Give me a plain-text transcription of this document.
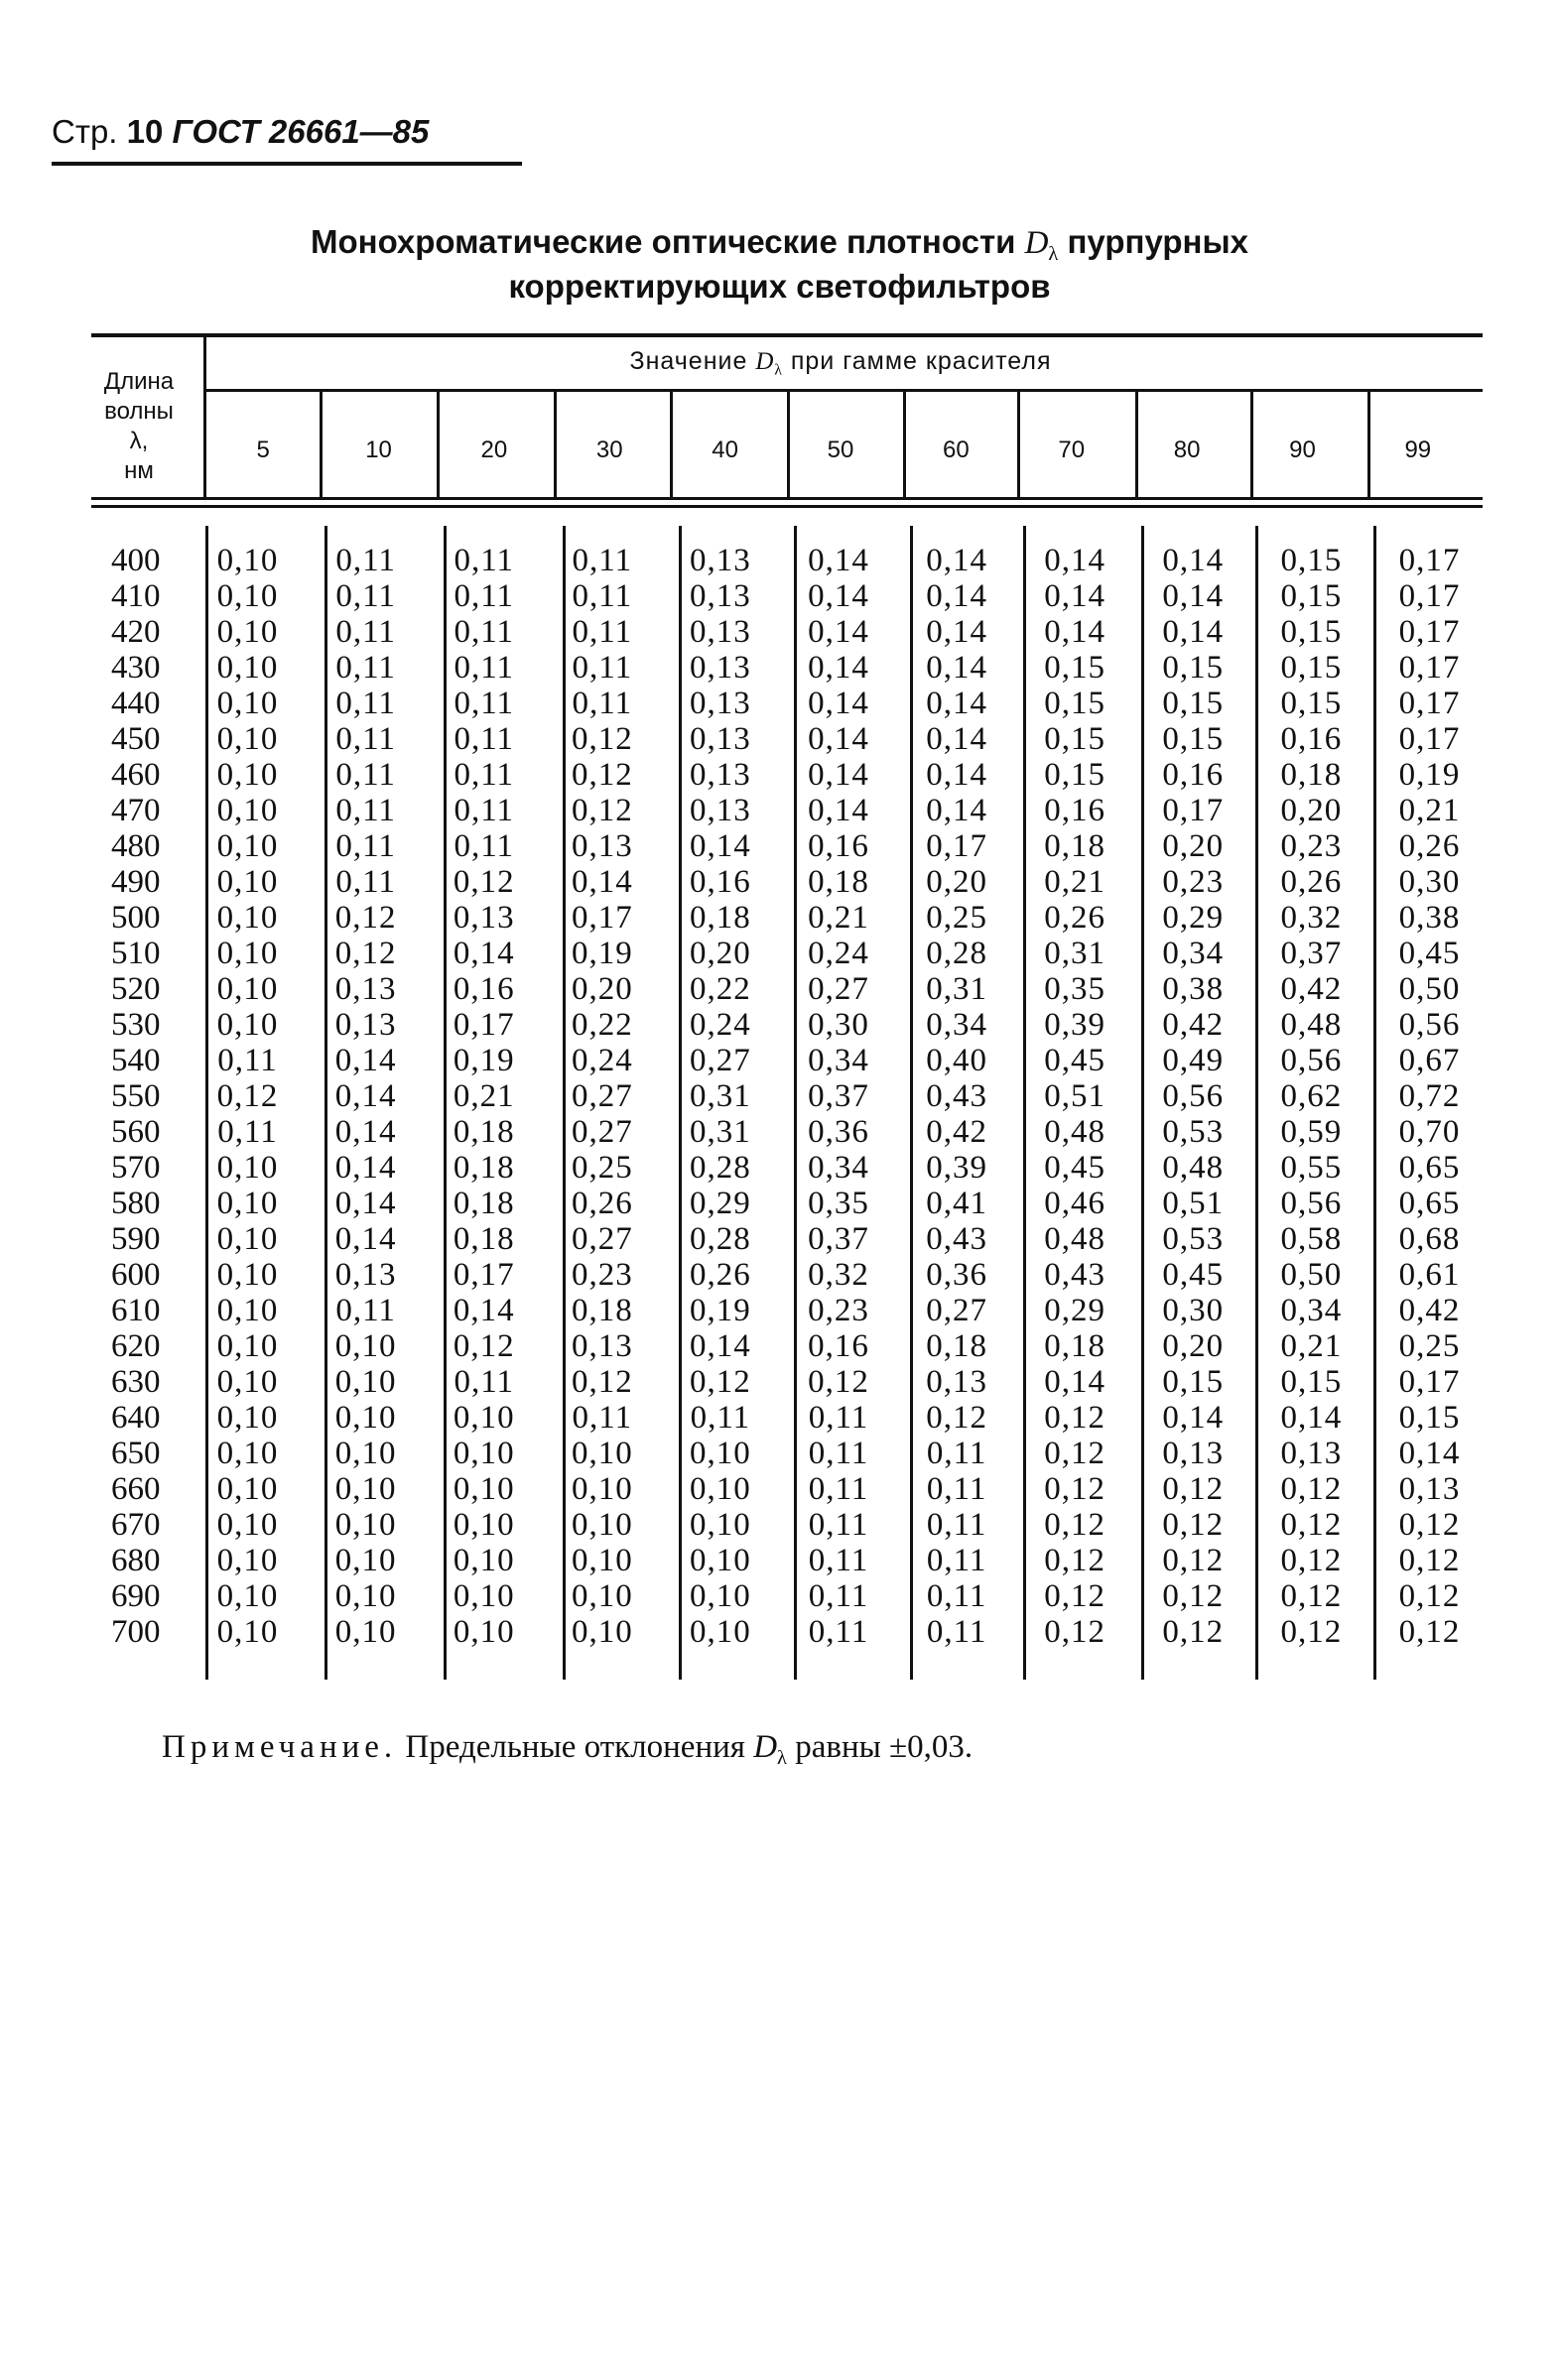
Стр. 10 ГОСТ 26661—85
Монохроматические оптические плотности $D_\lambda$ пурпурных
корректирующих светофильтров
Длина
волны
λ,
нм
Значение $D_\lambda$ при гамме красителя
5	10	20	30	40	50	60	70	80	90	99
400	0,10	0,11	0,11	0,11	0,13	0,14	0,14	0,14	0,14	0,15	0,17
410	0,10	0,11	0,11	0,11	0,13	0,14	0,14	0,14	0,14	0,15	0,17
420	0,10	0,11	0,11	0,11	0,13	0,14	0,14	0,14	0,14	0,15	0,17
430	0,10	0,11	0,11	0,11	0,13	0,14	0,14	0,15	0,15	0,15	0,17
440	0,10	0,11	0,11	0,11	0,13	0,14	0,14	0,15	0,15	0,15	0,17
450	0,10	0,11	0,11	0,12	0,13	0,14	0,14	0,15	0,15	0,16	0,17
460	0,10	0,11	0,11	0,12	0,13	0,14	0,14	0,15	0,16	0,18	0,19
470	0,10	0,11	0,11	0,12	0,13	0,14	0,14	0,16	0,17	0,20	0,21
480	0,10	0,11	0,11	0,13	0,14	0,16	0,17	0,18	0,20	0,23	0,26
490	0,10	0,11	0,12	0,14	0,16	0,18	0,20	0,21	0,23	0,26	0,30
500	0,10	0,12	0,13	0,17	0,18	0,21	0,25	0,26	0,29	0,32	0,38
510	0,10	0,12	0,14	0,19	0,20	0,24	0,28	0,31	0,34	0,37	0,45
520	0,10	0,13	0,16	0,20	0,22	0,27	0,31	0,35	0,38	0,42	0,50
530	0,10	0,13	0,17	0,22	0,24	0,30	0,34	0,39	0,42	0,48	0,56
540	0,11	0,14	0,19	0,24	0,27	0,34	0,40	0,45	0,49	0,56	0,67
550	0,12	0,14	0,21	0,27	0,31	0,37	0,43	0,51	0,56	0,62	0,72
560	0,11	0,14	0,18	0,27	0,31	0,36	0,42	0,48	0,53	0,59	0,70
570	0,10	0,14	0,18	0,25	0,28	0,34	0,39	0,45	0,48	0,55	0,65
580	0,10	0,14	0,18	0,26	0,29	0,35	0,41	0,46	0,51	0,56	0,65
590	0,10	0,14	0,18	0,27	0,28	0,37	0,43	0,48	0,53	0,58	0,68
600	0,10	0,13	0,17	0,23	0,26	0,32	0,36	0,43	0,45	0,50	0,61
610	0,10	0,11	0,14	0,18	0,19	0,23	0,27	0,29	0,30	0,34	0,42
620	0,10	0,10	0,12	0,13	0,14	0,16	0,18	0,18	0,20	0,21	0,25
630	0,10	0,10	0,11	0,12	0,12	0,12	0,13	0,14	0,15	0,15	0,17
640	0,10	0,10	0,10	0,11	0,11	0,11	0,12	0,12	0,14	0,14	0,15
650	0,10	0,10	0,10	0,10	0,10	0,11	0,11	0,12	0,13	0,13	0,14
660	0,10	0,10	0,10	0,10	0,10	0,11	0,11	0,12	0,12	0,12	0,13
670	0,10	0,10	0,10	0,10	0,10	0,11	0,11	0,12	0,12	0,12	0,12
680	0,10	0,10	0,10	0,10	0,10	0,11	0,11	0,12	0,12	0,12	0,12
690	0,10	0,10	0,10	0,10	0,10	0,11	0,11	0,12	0,12	0,12	0,12
700	0,10	0,10	0,10	0,10	0,10	0,11	0,11	0,12	0,12	0,12	0,12
Примечание. Предельные отклонения $D_\lambda$ равны ±0,03.
